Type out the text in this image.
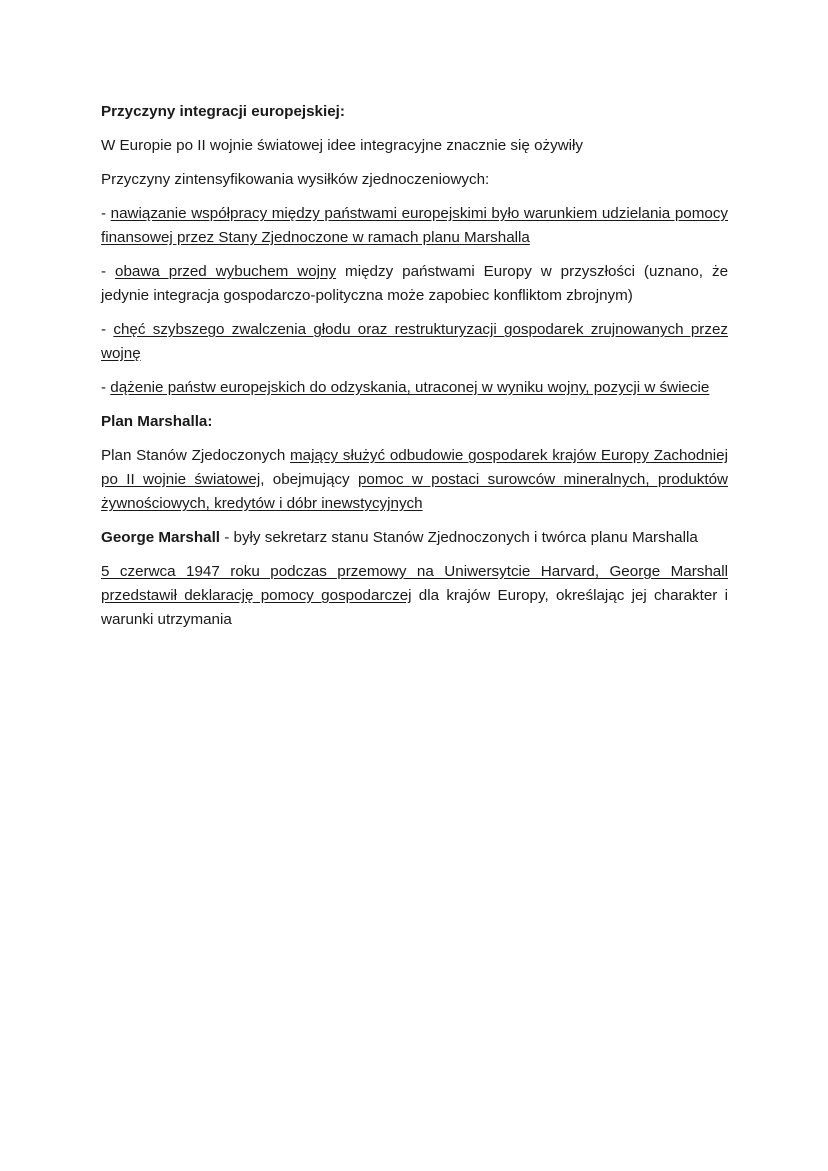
Przyczyny integracji europejskiej:

W Europie po II wojnie światowej idee integracyjne znacznie się ożywiły

Przyczyny zintensyfikowania wysiłków zjednoczeniowych:

- nawiązanie współpracy między państwami europejskimi było warunkiem udzielania pomocy finansowej przez Stany Zjednoczone w ramach planu Marshalla

- obawa przed wybuchem wojny między państwami Europy w przyszłości (uznano, że jedynie integracja gospodarczo-polityczna może zapobiec konfliktom zbrojnym)

- chęć szybszego zwalczenia głodu oraz restrukturyzacji gospodarek zrujnowanych przez wojnę

- dążenie państw europejskich do odzyskania, utraconej w wyniku wojny, pozycji w świecie

Plan Marshalla:

Plan Stanów Zjedoczonych mający służyć odbudowie gospodarek krajów Europy Zachodniej po II wojnie światowej, obejmujący pomoc w postaci surowców mineralnych, produktów żywnościowych, kredytów i dóbr inewstycyjnych

George Marshall - były sekretarz stanu Stanów Zjednoczonych i twórca planu Marshalla

5 czerwca 1947 roku podczas przemowy na Uniwersytcie Harvard, George Marshall przedstawił deklarację pomocy gospodarczej dla krajów Europy, określając jej charakter i warunki utrzymania
